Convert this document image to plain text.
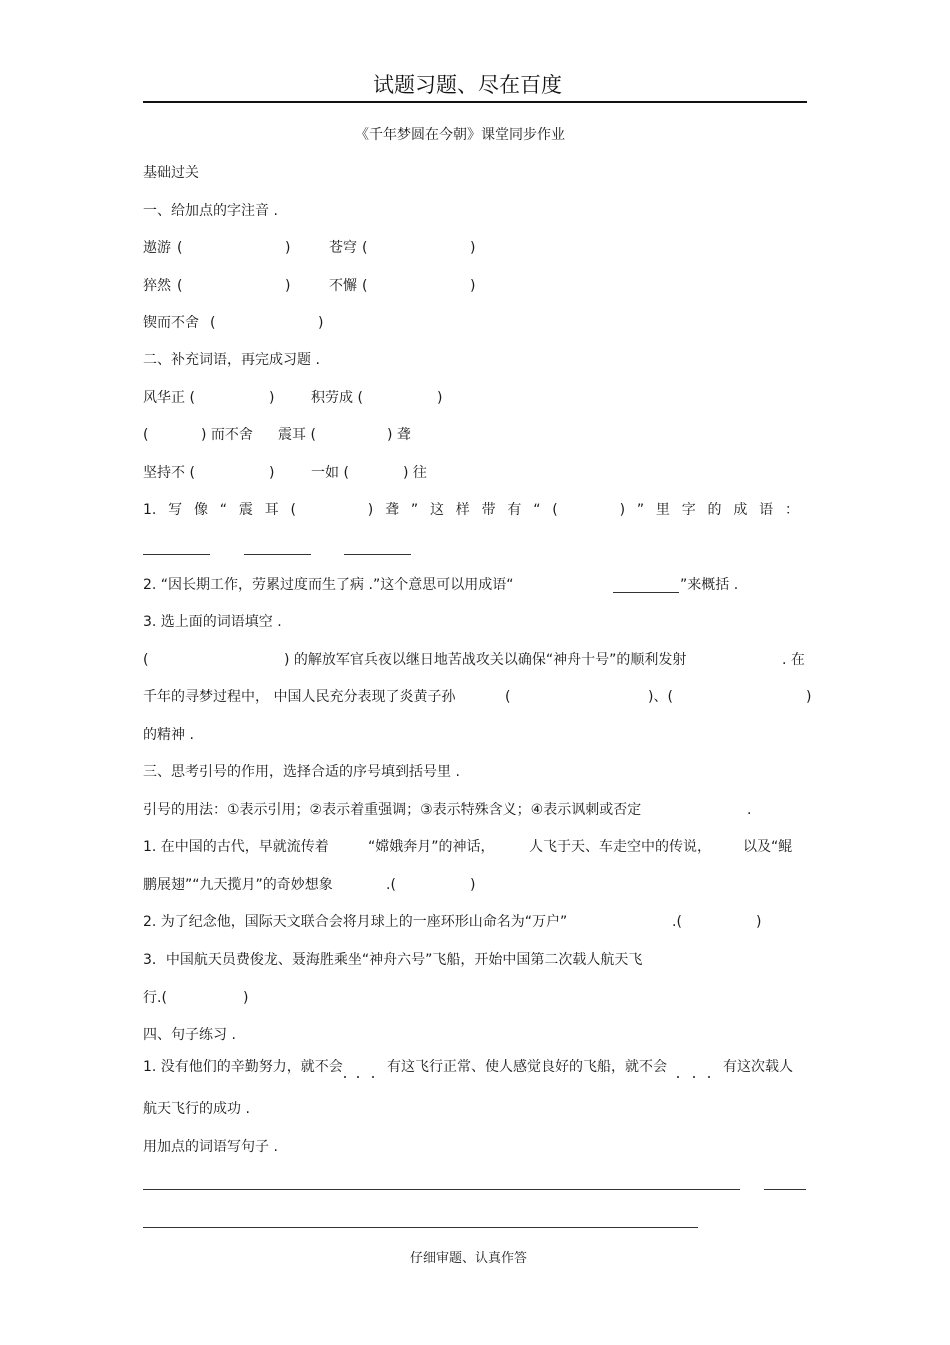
试题习题、尽在百度
《千年梦圆在今朝》课堂同步作业
基础过关
一、给加点的字注音 .
遨游 (	)	苍穹 (	)
猝然 (	)	不懈 (	)
锲而不舍 (	)
二、补充词语，再完成习题 .
风华正 (	)	积劳成 (	)
(	) 而不舍 震耳 (	) 聋
坚持不 (	)	一如 (	) 往
1. 写 像 “ 震 耳 (	) 聋 ” 这 样 带 有 “ (	) ” 里 字 的 成 语 ：
2. “因长期工作，劳累过度而生了病 .”这个意思可以用成语“	”来概括 .
3. 选上面的词语填空 .
(	) 的解放军官兵夜以继日地苦战攻关以确保“神舟十号”的顺利发射	. 在
千年的寻梦过程中， 中国人民充分表现了炎黄子孙	(	)、(	)
的精神 .
三、思考引号的作用，选择合适的序号填到括号里 .
引号的用法：①表示引用；②表示着重强调；③表示特殊含义；④表示讽刺或否定	.
1. 在中国的古代，早就流传着	“嫦娥奔月”的神话， 人飞于天、车走空中的传说， 以及“鲲
鹏展翅”“九天揽月”的奇妙想象	.(	)
2. 为了纪念他，国际天文联合会将月球上的一座环形山命名为“万户”	.(	)
3．中国航天员费俊龙、聂海胜乘坐“神舟六号”飞船，开始中国第二次载人航天飞
行.(	)
四、句子练习 .
1. 没有他们的辛勤努力，就不会	有这飞行正常、使人感觉良好的飞船，就不会	有这次载人
航天飞行的成功 .
用加点的词语写句子 .
仔细审题、认真作答
